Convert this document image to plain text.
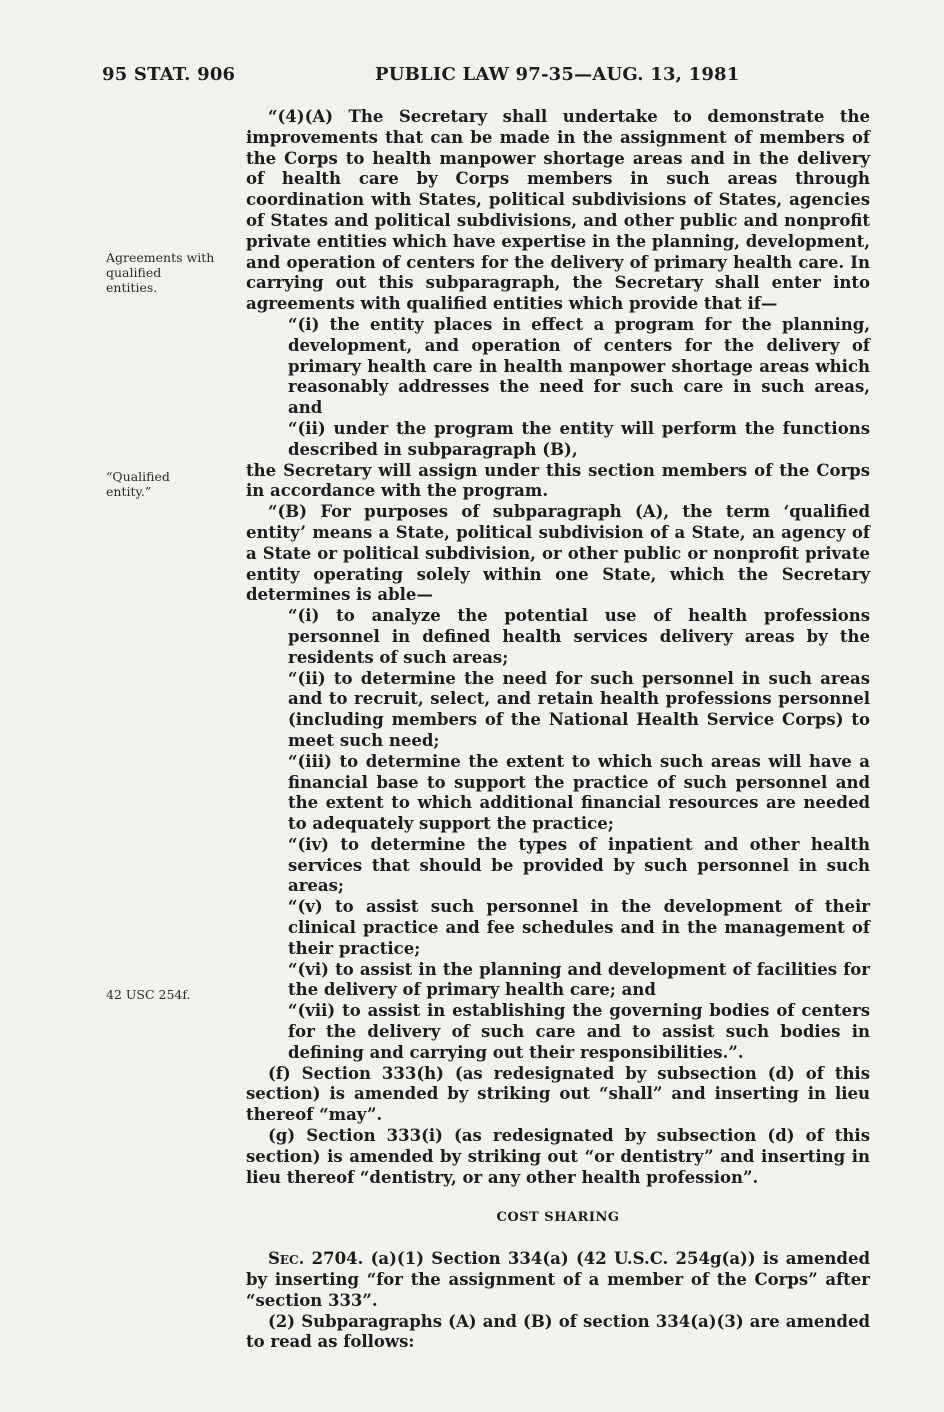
95 STAT. 906	PUBLIC LAW 97-35—AUG. 13, 1981
Agreements with qualified entities.
“Qualified entity.”
42 USC 254f.

“(4)(A) The Secretary shall undertake to demonstrate the improvements that can be made in the assignment of members of the Corps to health manpower shortage areas and in the delivery of health care by Corps members in such areas through coordination with States, political subdivisions of States, agencies of States and political subdivisions, and other public and nonprofit private entities which have expertise in the planning, development, and operation of centers for the delivery of primary health care. In carrying out this subparagraph, the Secretary shall enter into agreements with qualified entities which provide that if—

“(i) the entity places in effect a program for the planning, development, and operation of centers for the delivery of primary health care in health manpower shortage areas which reasonably addresses the need for such care in such areas, and

“(ii) under the program the entity will perform the functions described in subparagraph (B),

the Secretary will assign under this section members of the Corps in accordance with the program.

“(B) For purposes of subparagraph (A), the term ‘qualified entity’ means a State, political subdivision of a State, an agency of a State or political subdivision, or other public or nonprofit private entity operating solely within one State, which the Secretary determines is able—

“(i) to analyze the potential use of health professions personnel in defined health services delivery areas by the residents of such areas;

“(ii) to determine the need for such personnel in such areas and to recruit, select, and retain health professions personnel (including members of the National Health Service Corps) to meet such need;

“(iii) to determine the extent to which such areas will have a financial base to support the practice of such personnel and the extent to which additional financial resources are needed to adequately support the practice;

“(iv) to determine the types of inpatient and other health services that should be provided by such personnel in such areas;

“(v) to assist such personnel in the development of their clinical practice and fee schedules and in the management of their practice;

“(vi) to assist in the planning and development of facilities for the delivery of primary health care; and

“(vii) to assist in establishing the governing bodies of centers for the delivery of such care and to assist such bodies in defining and carrying out their responsibilities.”.

(f) Section 333(h) (as redesignated by subsection (d) of this section) is amended by striking out “shall” and inserting in lieu thereof “may”.

(g) Section 333(i) (as redesignated by subsection (d) of this section) is amended by striking out “or dentistry” and inserting in lieu thereof “dentistry, or any other health profession”.

COST SHARING

Sec. 2704. (a)(1) Section 334(a) (42 U.S.C. 254g(a)) is amended by inserting “for the assignment of a member of the Corps” after “section 333”.

(2) Subparagraphs (A) and (B) of section 334(a)(3) are amended to read as follows:
